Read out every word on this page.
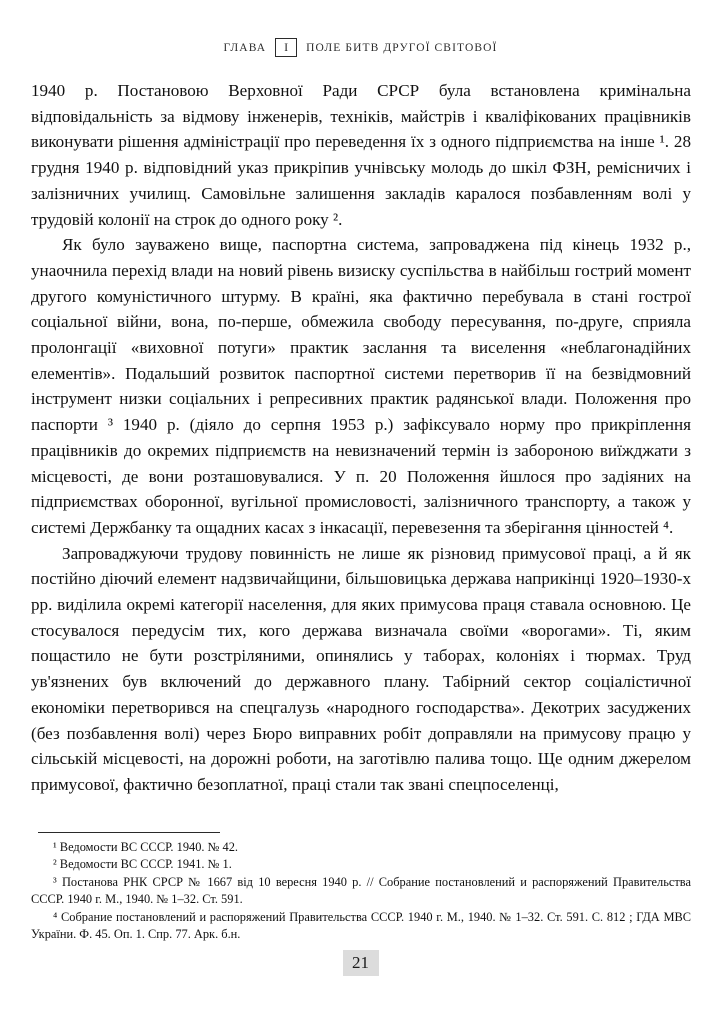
ГЛАВА	I	ПОЛЕ БИТВ ДРУГОЇ СВІТОВОЇ

1940 р. Постановою Верховної Ради СРСР була встановлена кримінальна відповідальність за відмову інженерів, техніків, майстрів і кваліфікованих працівників виконувати рішення адміністрації про переведення їх з одного підприємства на інше ¹. 28 грудня 1940 р. відповідний указ прикріпив учнівську молодь до шкіл ФЗН, ремісничих і залізничних училищ. Самовільне залишення закладів каралося позбавленням волі у трудовій колонії на строк до одного року ².

Як було зауважено вище, паспортна система, запроваджена під кінець 1932 р., унаочнила перехід влади на новий рівень визиску суспільства в найбільш гострий момент другого комуністичного штурму. В країні, яка фактично перебувала в стані гострої соціальної війни, вона, по-перше, обмежила свободу пересування, по-друге, сприяла пролонгації «виховної потуги» практик заслання та виселення «неблагонадійних елементів». Подальший розвиток паспортної системи перетворив її на безвідмовний інструмент низки соціальних і репресивних практик радянської влади. Положення про паспорти ³ 1940 р. (діяло до серпня 1953 р.) зафіксувало норму про прикріплення працівників до окремих підприємств на невизначений термін із забороною виїжджати з місцевості, де вони розташовувалися. У п. 20 Положення йшлося про задіяних на підприємствах оборонної, вугільної промисловості, залізничного транспорту, а також у системі Держбанку та ощадних касах з інкасації, перевезення та зберігання цінностей ⁴.

Запроваджуючи трудову повинність не лише як різновид примусової праці, а й як постійно діючий елемент надзвичайщини, більшовицька держава наприкінці 1920–1930-х рр. виділила окремі категорії населення, для яких примусова праця ставала основною. Це стосувалося передусім тих, кого держава визначала своїми «ворогами». Ті, яким пощастило не бути розстріляними, опинялись у таборах, колоніях і тюрмах. Труд ув'язнених був включений до державного плану. Табірний сектор соціалістичної економіки перетворився на спецгалузь «народного господарства». Декотрих засуджених (без позбавлення волі) через Бюро виправних робіт доправляли на примусову працю у сільській місцевості, на дорожні роботи, на заготівлю палива тощо. Ще одним джерелом примусової, фактично безоплатної, праці стали так звані спецпоселенці,

¹ Ведомости ВС СССР. 1940. № 42.

² Ведомости ВС СССР. 1941. № 1.

³ Постанова РНК СРСР № 1667 від 10 вересня 1940 р. // Собрание постановлений и распоряжений Правительства СССР. 1940 г. М., 1940. № 1–32. Ст. 591.

⁴ Собрание постановлений и распоряжений Правительства СССР. 1940 г. М., 1940. № 1–32. Ст. 591. С. 812 ; ГДА МВС України. Ф. 45. Оп. 1. Спр. 77. Арк. б.н.

21
